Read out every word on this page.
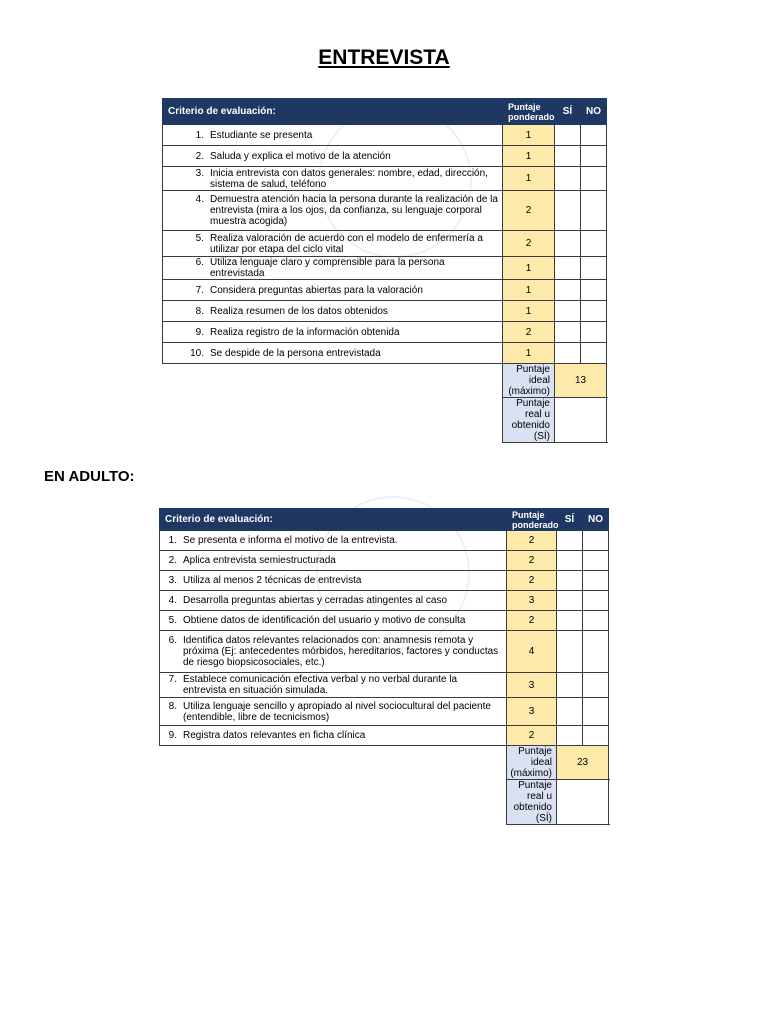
ENTREVISTA
Criterio de evaluación:	Puntaje ponderado	SÍ	NO

1. Estudiante se presenta	1		

2. Saluda y explica el motivo de la atención	1		

3. Inicia entrevista con datos generales: nombre, edad, dirección, sistema de salud, teléfono	1		

4. Demuestra atención hacia la persona durante la realización de la entrevista (mira a los ojos, da confianza, su lenguaje corporal muestra acogida)	2		

5. Realiza valoración de acuerdo con el modelo de enfermería a utilizar por etapa del ciclo vital	2		

6. Utiliza lenguaje claro y comprensible para la persona entrevistada	1		

7. Considera preguntas abiertas para la valoración	1		

8. Realiza resumen de los datos obtenidos	1		

9. Realiza registro de la información obtenida	2		

10. Se despide de la persona entrevistada	1		
	Puntaje ideal (máximo)	13	
	Puntaje real u obtenido (SÍ)		
EN ADULTO:
Criterio de evaluación:	Puntaje ponderado	SÍ	NO

1. Se presenta e informa el motivo de la entrevista.	2		

2. Aplica entrevista semiestructurada	2		

3. Utiliza al menos 2 técnicas de entrevista	2		

4. Desarrolla preguntas abiertas y cerradas atingentes al caso	3		

5. Obtiene datos de identificación del usuario y motivo de consulta	2		

6. Identifica datos relevantes relacionados con: anamnesis remota y próxima (Ej: antecedentes mórbidos, hereditarios, factores y conductas de riesgo biopsicosociales, etc.)	4		

7. Establece comunicación efectiva verbal y no verbal durante la entrevista en situación simulada.	3		

8. Utiliza lenguaje sencillo y apropiado al nivel sociocultural del paciente (entendible, libre de tecnicismos)	3		

9. Registra datos relevantes en ficha clínica	2		
	Puntaje ideal (máximo)	23	
	Puntaje real u obtenido (SÍ)		
